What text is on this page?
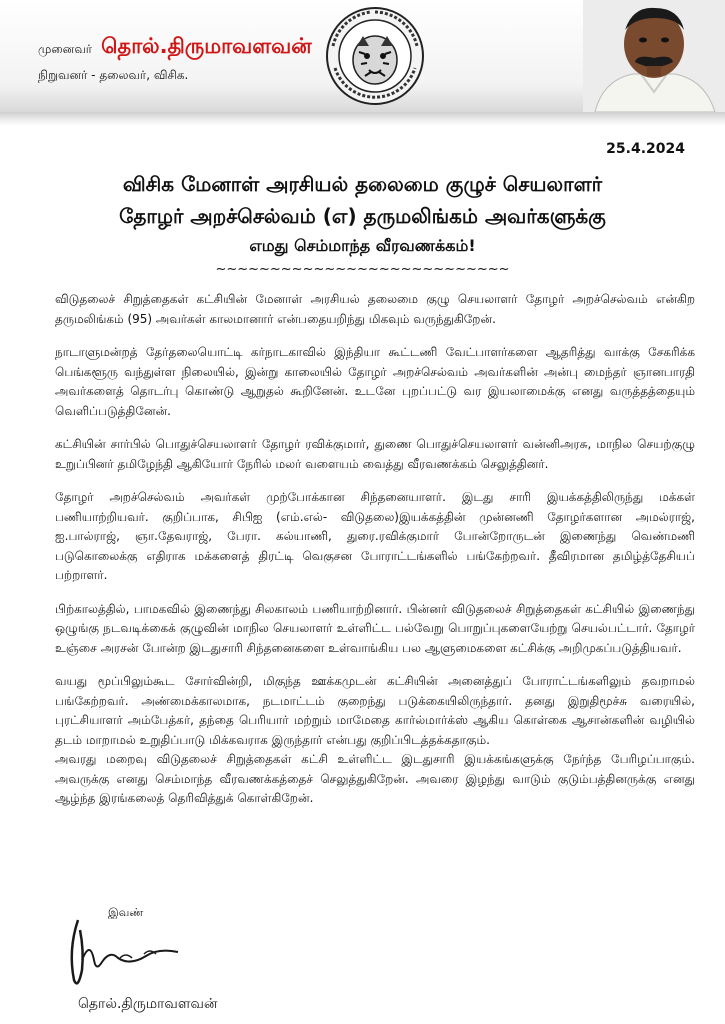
முனைவர் தொல்.திருமாவளவன்
நிறுவனர் - தலைவர், விசிக.
25.4.2024
விசிக மேனாள் அரசியல் தலைமை குழுச் செயலாளர்
தோழர் அறச்செல்வம் (எ) தருமலிங்கம் அவர்களுக்கு
எமது செம்மாந்த வீரவணக்கம்!
~~~~~~~~~~~~~~~~~~~~~~~~~~~

விடுதலைச் சிறுத்தைகள் கட்சியின் மேனாள் அரசியல் தலைமை குழு செயலாளர் தோழர் அறச்செல்வம் என்கிற தருமலிங்கம் (95) அவர்கள் காலமானார் என்பதையறிந்து மிகவும் வருந்துகிறேன்.

நாடாளுமன்றத் தேர்தலையொட்டி கர்நாடகாவில் இந்தியா கூட்டணி வேட்பாளர்களை ஆதரித்து வாக்கு சேகரிக்க பெங்களூரு வந்துள்ள நிலையில், இன்று காலையில் தோழர் அறச்செல்வம் அவர்களின் அன்பு மைந்தர் ஞானபாரதி அவர்களைத் தொடர்பு கொண்டு ஆறுதல் கூறினேன். உடனே புறப்பட்டு வர இயலாமைக்கு எனது வருத்தத்தையும் வெளிப்படுத்தினேன்.

கட்சியின் சார்பில் பொதுச்செயலாளர் தோழர் ரவிக்குமார், துணை பொதுச்செயலாளர் வன்னிஅரசு, மாநில செயற்குழு உறுப்பினர் தமிழேந்தி ஆகியோர் நேரில் மலர் வளையம் வைத்து வீரவணக்கம் செலுத்தினர்.

தோழர் அறச்செல்வம் அவர்கள் முற்போக்கான சிந்தனையாளர். இடது சாரி இயக்கத்திலிருந்து மக்கள் பணியாற்றியவர். குறிப்பாக, சிபிஐ (எம்.எல்- விடுதலை)இயக்கத்தின் முன்னணி தோழர்களான அமல்ராஜ், ஐ.பால்ராஜ், ஞா.தேவராஜ், பேரா. கல்யாணி, துரை.ரவிக்குமார் போன்றோருடன் இணைந்து வெண்மணி படுகொலைக்கு எதிராக மக்களைத் திரட்டி வெகுசன போராட்டங்களில் பங்கேற்றவர். தீவிரமான தமிழ்த்தேசியப் பற்றாளர்.

பிற்காலத்தில், பாமகவில் இணைந்து சிலகாலம் பணியாற்றினார். பின்னர் விடுதலைச் சிறுத்தைகள் கட்சியில் இணைந்து ஒழுங்கு நடவடிக்கைக் குழுவின் மாநில செயலாளர் உள்ளிட்ட பல்வேறு பொறுப்புகளையேற்று செயல்பட்டார். தோழர் உஞ்சை அரசன் போன்ற இடதுசாரி சிந்தனைகளை உள்வாங்கிய பல ஆளுமைகளை கட்சிக்கு அறிமுகப்படுத்தியவர்.

வயது மூப்பிலும்கூட சோர்வின்றி, மிகுந்த ஊக்கமுடன் கட்சியின் அனைத்துப் போராட்டங்களிலும் தவறாமல் பங்கேற்றவர். அண்மைக்காலமாக, நடமாட்டம் குறைந்து படுக்கையிலிருந்தார். தனது இறுதிமூச்சு வரையில், புரட்சியாளர் அம்பேத்கர், தந்தை பெரியார் மற்றும் மாமேதை கார்ல்மார்க்ஸ் ஆகிய கொள்கை ஆசான்களின் வழியில் தடம் மாறாமல் உறுதிப்பாடு மிக்கவராக இருந்தார் என்பது குறிப்பிடத்தக்கதாகும்.

அவரது மறைவு விடுதலைச் சிறுத்தைகள் கட்சி உள்ளிட்ட இடதுசாரி இயக்கங்களுக்கு நேர்ந்த பேரிழப்பாகும். அவருக்கு எனது செம்மாந்த வீரவணக்கத்தைச் செலுத்துகிறேன். அவரை இழந்து வாடும் குடும்பத்தினருக்கு எனது ஆழ்ந்த இரங்கலைத் தெரிவித்துக் கொள்கிறேன்.

இவண்
தொல்.திருமாவளவன்
